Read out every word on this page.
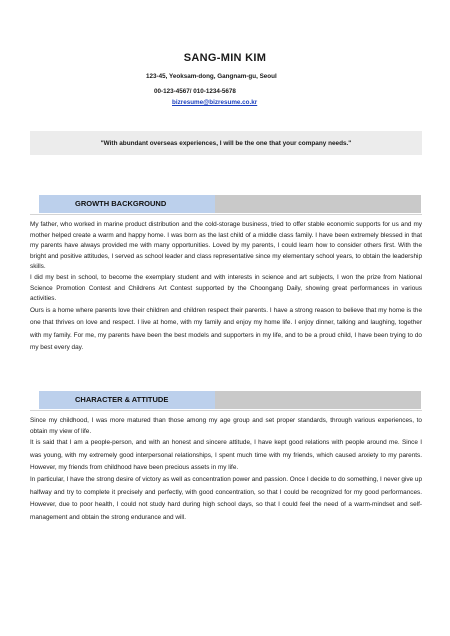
SANG-MIN KIM
123-45, Yeoksam-dong, Gangnam-gu, Seoul
00-123-4567/ 010-1234-5678
bizresume@bizresume.co.kr
"With abundant overseas experiences, I will be the one that your company needs."
GROWTH BACKGROUND

My father, who worked in marine product distribution and the cold-storage business, tried to offer stable economic supports for us and my mother helped create a warm and happy home. I was born as the last child of a middle class family. I have been extremely blessed in that my parents have always provided me with many opportunities. Loved by my parents, I could learn how to consider others first. With the bright and positive attitudes, I served as school leader and class representative since my elementary school years, to obtain the leadership skills.

I did my best in school, to become the exemplary student and with interests in science and art subjects, I won the prize from National Science Promotion Contest and Childrens Art Contest supported by the Choongang Daily, showing great performances in various activities.

Ours is a home where parents love their children and children respect their parents. I have a strong reason to believe that my home is the one that thrives on love and respect. I live at home, with my family and enjoy my home life. I enjoy dinner, talking and laughing, together with my family. For me, my parents have been the best models and supporters in my life, and to be a proud child, I have been trying to do my best every day.

CHARACTER & ATTITUDE

Since my childhood, I was more matured than those among my age group and set proper standards, through various experiences, to obtain my view of life.

It is said that I am a people-person, and with an honest and sincere attitude, I have kept good relations with people around me. Since I was young, with my extremely good interpersonal relationships, I spent much time with my friends, which caused anxiety to my parents. However, my friends from childhood have been precious assets in my life.

In particular, I have the strong desire of victory as well as concentration power and passion. Once I decide to do something, I never give up halfway and try to complete it precisely and perfectly, with good concentration, so that I could be recognized for my good performances. However, due to poor health, I could not study hard during high school days, so that I could feel the need of a warm-mindset and self-management and obtain the strong endurance and will.
